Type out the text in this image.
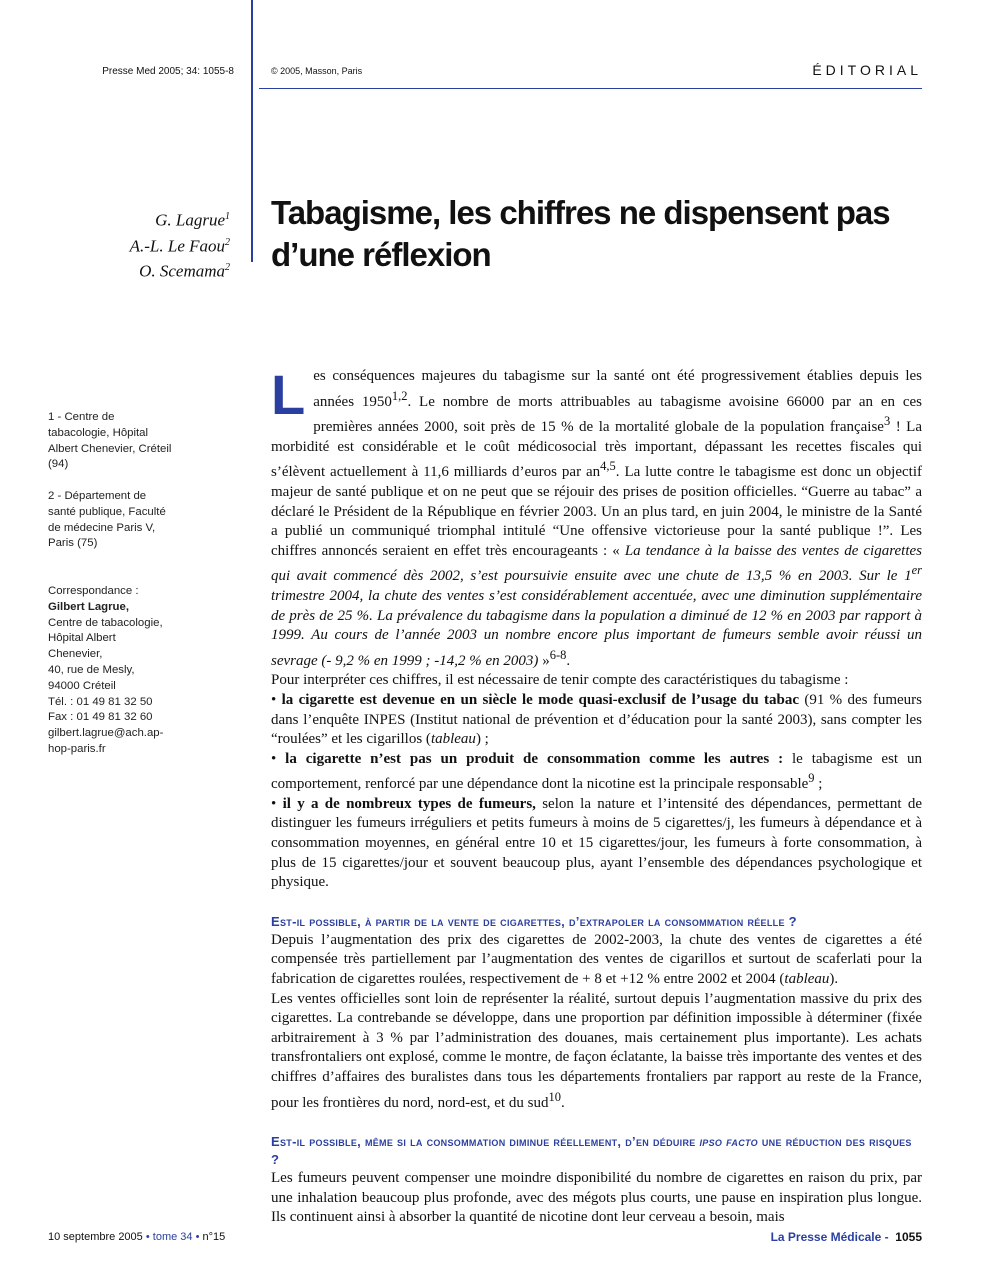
Presse Med 2005; 34: 1055-8	© 2005, Masson, Paris	ÉDITORIAL
G. Lagrue$^1$
A.-L. Le Faou$^2$
O. Scemama$^2$
Tabagisme, les chiffres ne dispensent pas d’une réflexion
1 - Centre de tabacologie, Hôpital Albert Chenevier, Créteil (94)
2 - Département de santé publique, Faculté de médecine Paris V, Paris (75)
Correspondance :
Gilbert Lagrue,
Centre de tabacologie,
Hôpital Albert
Chenevier,
40, rue de Mesly,
94000 Créteil
Tél. : 01 49 81 32 50
Fax : 01 49 81 32 60
gilbert.lagrue@ach.ap-
hop-paris.fr

Les conséquences majeures du tabagisme sur la santé ont été progressivement établies depuis les années 1950$^{1,2}$. Le nombre de morts attribuables au tabagisme avoisine 66000 par an en ces premières années 2000, soit près de 15 % de la mortalité globale de la population française$^3$ ! La morbidité est considérable et le coût médicosocial très important, dépassant les recettes fiscales qui s’élèvent actuellement à 11,6 milliards d’euros par an$^{4,5}$. La lutte contre le tabagisme est donc un objectif majeur de santé publique et on ne peut que se réjouir des prises de position officielles. “Guerre au tabac” a déclaré le Président de la République en février 2003. Un an plus tard, en juin 2004, le ministre de la Santé a publié un communiqué triomphal intitulé “Une offensive victorieuse pour la santé publique !”. Les chiffres annoncés seraient en effet très encourageants : « La tendance à la baisse des ventes de cigarettes qui avait commencé dès 2002, s’est poursuivie ensuite avec une chute de 13,5 % en 2003. Sur le 1er trimestre 2004, la chute des ventes s’est considérablement accentuée, avec une diminution supplémentaire de près de 25 %. La prévalence du tabagisme dans la population a diminué de 12 % en 2003 par rapport à 1999. Au cours de l’année 2003 un nombre encore plus important de fumeurs semble avoir réussi un sevrage (- 9,2 % en 1999 ; -14,2 % en 2003) »$^{6-8}$.

Pour interpréter ces chiffres, il est nécessaire de tenir compte des caractéristiques du tabagisme :

• la cigarette est devenue en un siècle le mode quasi-exclusif de l’usage du tabac (91 % des fumeurs dans l’enquête INPES (Institut national de prévention et d’éducation pour la santé 2003), sans compter les “roulées” et les cigarillos (tableau) ;

• la cigarette n’est pas un produit de consommation comme les autres : le tabagisme est un comportement, renforcé par une dépendance dont la nicotine est la principale responsable$^9$ ;

• il y a de nombreux types de fumeurs, selon la nature et l’intensité des dépendances, permettant de distinguer les fumeurs irréguliers et petits fumeurs à moins de 5 cigarettes/j, les fumeurs à dépendance et à consommation moyennes, en général entre 10 et 15 cigarettes/jour, les fumeurs à forte consommation, à plus de 15 cigarettes/jour et souvent beaucoup plus, ayant l’ensemble des dépendances psychologique et physique.

Est-il possible, à partir de la vente de cigarettes, d’extrapoler la consommation réelle ?

Depuis l’augmentation des prix des cigarettes de 2002-2003, la chute des ventes de cigarettes a été compensée très partiellement par l’augmentation des ventes de cigarillos et surtout de scaferlati pour la fabrication de cigarettes roulées, respectivement de + 8 et +12 % entre 2002 et 2004 (tableau).

Les ventes officielles sont loin de représenter la réalité, surtout depuis l’augmentation massive du prix des cigarettes. La contrebande se développe, dans une proportion par définition impossible à déterminer (fixée arbitrairement à 3 % par l’administration des douanes, mais certainement plus importante). Les achats transfrontaliers ont explosé, comme le montre, de façon éclatante, la baisse très importante des ventes et des chiffres d’affaires des buralistes dans tous les départements frontaliers par rapport au reste de la France, pour les frontières du nord, nord-est, et du sud$^{10}$.

Est-il possible, même si la consommation diminue réellement, d’en déduire ipso facto une réduction des risques ?

Les fumeurs peuvent compenser une moindre disponibilité du nombre de cigarettes en raison du prix, par une inhalation beaucoup plus profonde, avec des mégots plus courts, une pause en inspiration plus longue. Ils continuent ainsi à absorber la quantité de nicotine dont leur cerveau a besoin, mais

10 septembre 2005 • tome 34 • n°15	La Presse Médicale - 1055
